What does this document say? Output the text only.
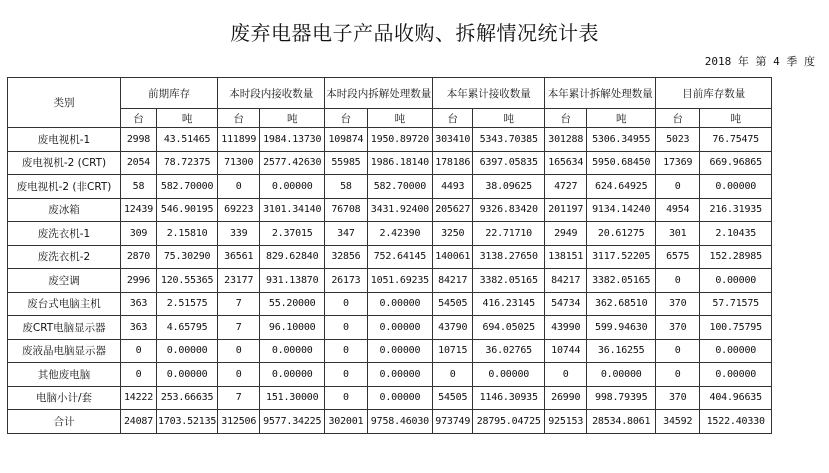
废弃电器电子产品收购、拆解情况统计表
2018 年 第 4 季 度
类别	前期库存		本时段内接收数量		本时段内拆解处理数量		本年累计接收数量		本年累计拆解处理数量		目前库存数量	
	台	吨	台	吨	台	吨	台	吨	台	吨	台	吨
废电视机-1	2998	43.51465	111899	1984.13730	109874	1950.89720	303410	5343.70385	301288	5306.34955	5023	76.75475
废电视机-2 (CRT)	2054	78.72375	71300	2577.42630	55985	1986.18140	178186	6397.05835	165634	5950.68450	17369	669.96865
废电视机-2 (非CRT)	58	582.70000	0	0.00000	58	582.70000	4493	38.09625	4727	624.64925	0	0.00000
废冰箱	12439	546.90195	69223	3101.34140	76708	3431.92400	205627	9326.83420	201197	9134.14240	4954	216.31935
废洗衣机-1	309	2.15810	339	2.37015	347	2.42390	3250	22.71710	2949	20.61275	301	2.10435
废洗衣机-2	2870	75.30290	36561	829.62840	32856	752.64145	140061	3138.27650	138151	3117.52205	6575	152.28985
废空调	2996	120.55365	23177	931.13870	26173	1051.69235	84217	3382.05165	84217	3382.05165	0	0.00000
废台式电脑主机	363	2.51575	7	55.20000	0	0.00000	54505	416.23145	54734	362.68510	370	57.71575
废CRT电脑显示器	363	4.65795	7	96.10000	0	0.00000	43790	694.05025	43990	599.94630	370	100.75795
废液晶电脑显示器	0	0.00000	0	0.00000	0	0.00000	10715	36.02765	10744	36.16255	0	0.00000
其他废电脑	0	0.00000	0	0.00000	0	0.00000	0	0.00000	0	0.00000	0	0.00000
电脑小计/套	14222	253.66635	7	151.30000	0	0.00000	54505	1146.30935	26990	998.79395	370	404.96635
合计	24087	1703.52135	312506	9577.34225	302001	9758.46030	973749	28795.04725	925153	28534.8061	34592	1522.40330
